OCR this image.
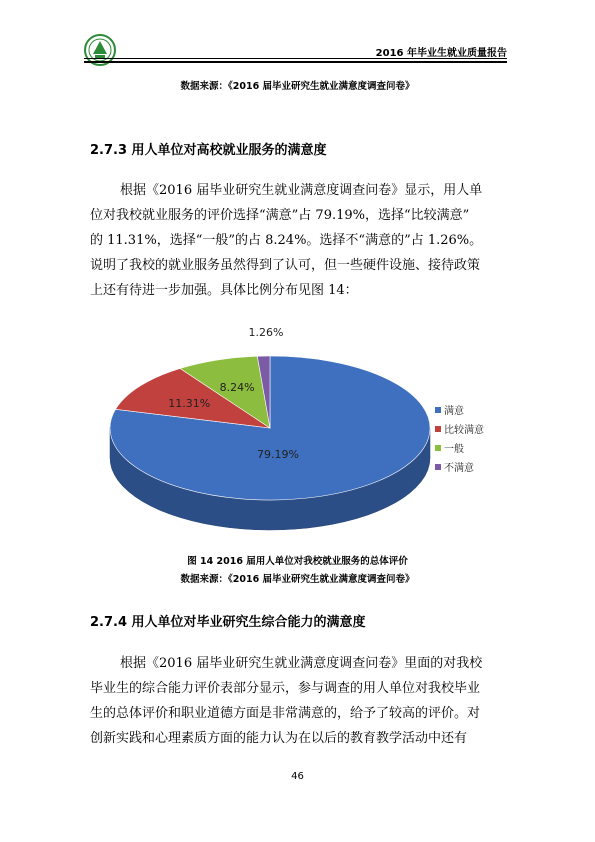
2016 年毕业生就业质量报告
数据来源：《2016 届毕业研究生就业满意度调查问卷》
2.7.3 用人单位对高校就业服务的满意度
根据《2016 届毕业研究生就业满意度调查问卷》显示，用人单
位对我校就业服务的评价选择“满意”占 79.19%，选择“比较满意”
的 11.31%，选择“一般”的占 8.24%。选择不“满意的”占 1.26%。
说明了我校的就业服务虽然得到了认可，但一些硬件设施、接待政策
上还有待进一步加强。具体比例分布见图 14：
79.19%
11.31%
8.24%
1.26%
满意
比较满意
一般
不满意
图 14 2016 届用人单位对我校就业服务的总体评价
数据来源：《2016 届毕业研究生就业满意度调查问卷》
2.7.4 用人单位对毕业研究生综合能力的满意度
根据《2016 届毕业研究生就业满意度调查问卷》里面的对我校
毕业生的综合能力评价表部分显示，参与调查的用人单位对我校毕业
生的总体评价和职业道德方面是非常满意的，给予了较高的评价。对
创新实践和心理素质方面的能力认为在以后的教育教学活动中还有
46
